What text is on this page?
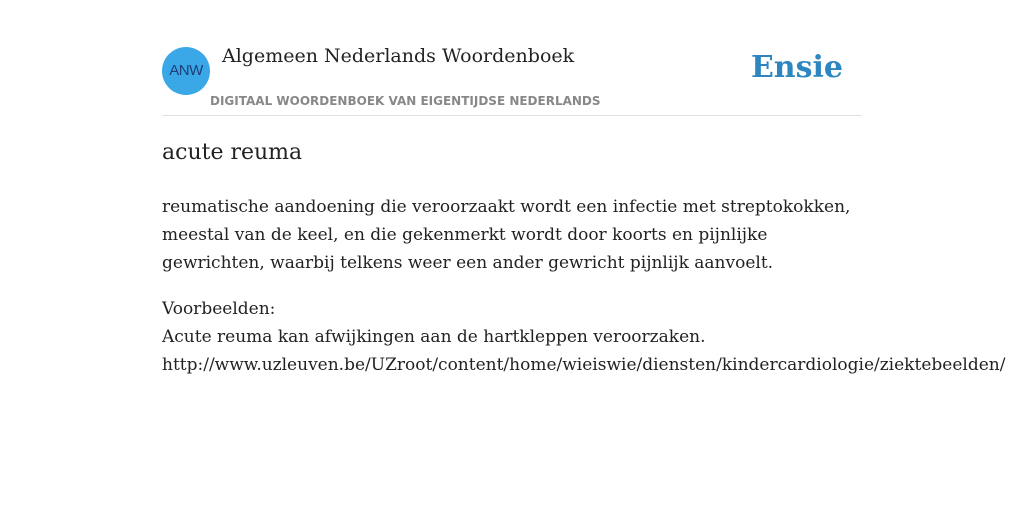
ANW
Algemeen Nederlands Woordenboek
DIGITAAL WOORDENBOEK VAN EIGENTIJDSE NEDERLANDS
Ensie
acute reuma
reumatische aandoening die veroorzaakt wordt een infectie met streptokokken, meestal van de keel, en die gekenmerkt wordt door koorts en pijnlijke gewrichten, waarbij telkens weer een ander gewricht pijnlijk aanvoelt.
Voorbeelden:
Acute reuma kan afwijkingen aan de hartkleppen veroorzaken.
http://www.uzleuven.be/UZroot/content/home/wieiswie/diensten/kindercardiologie/ziektebeelden/
